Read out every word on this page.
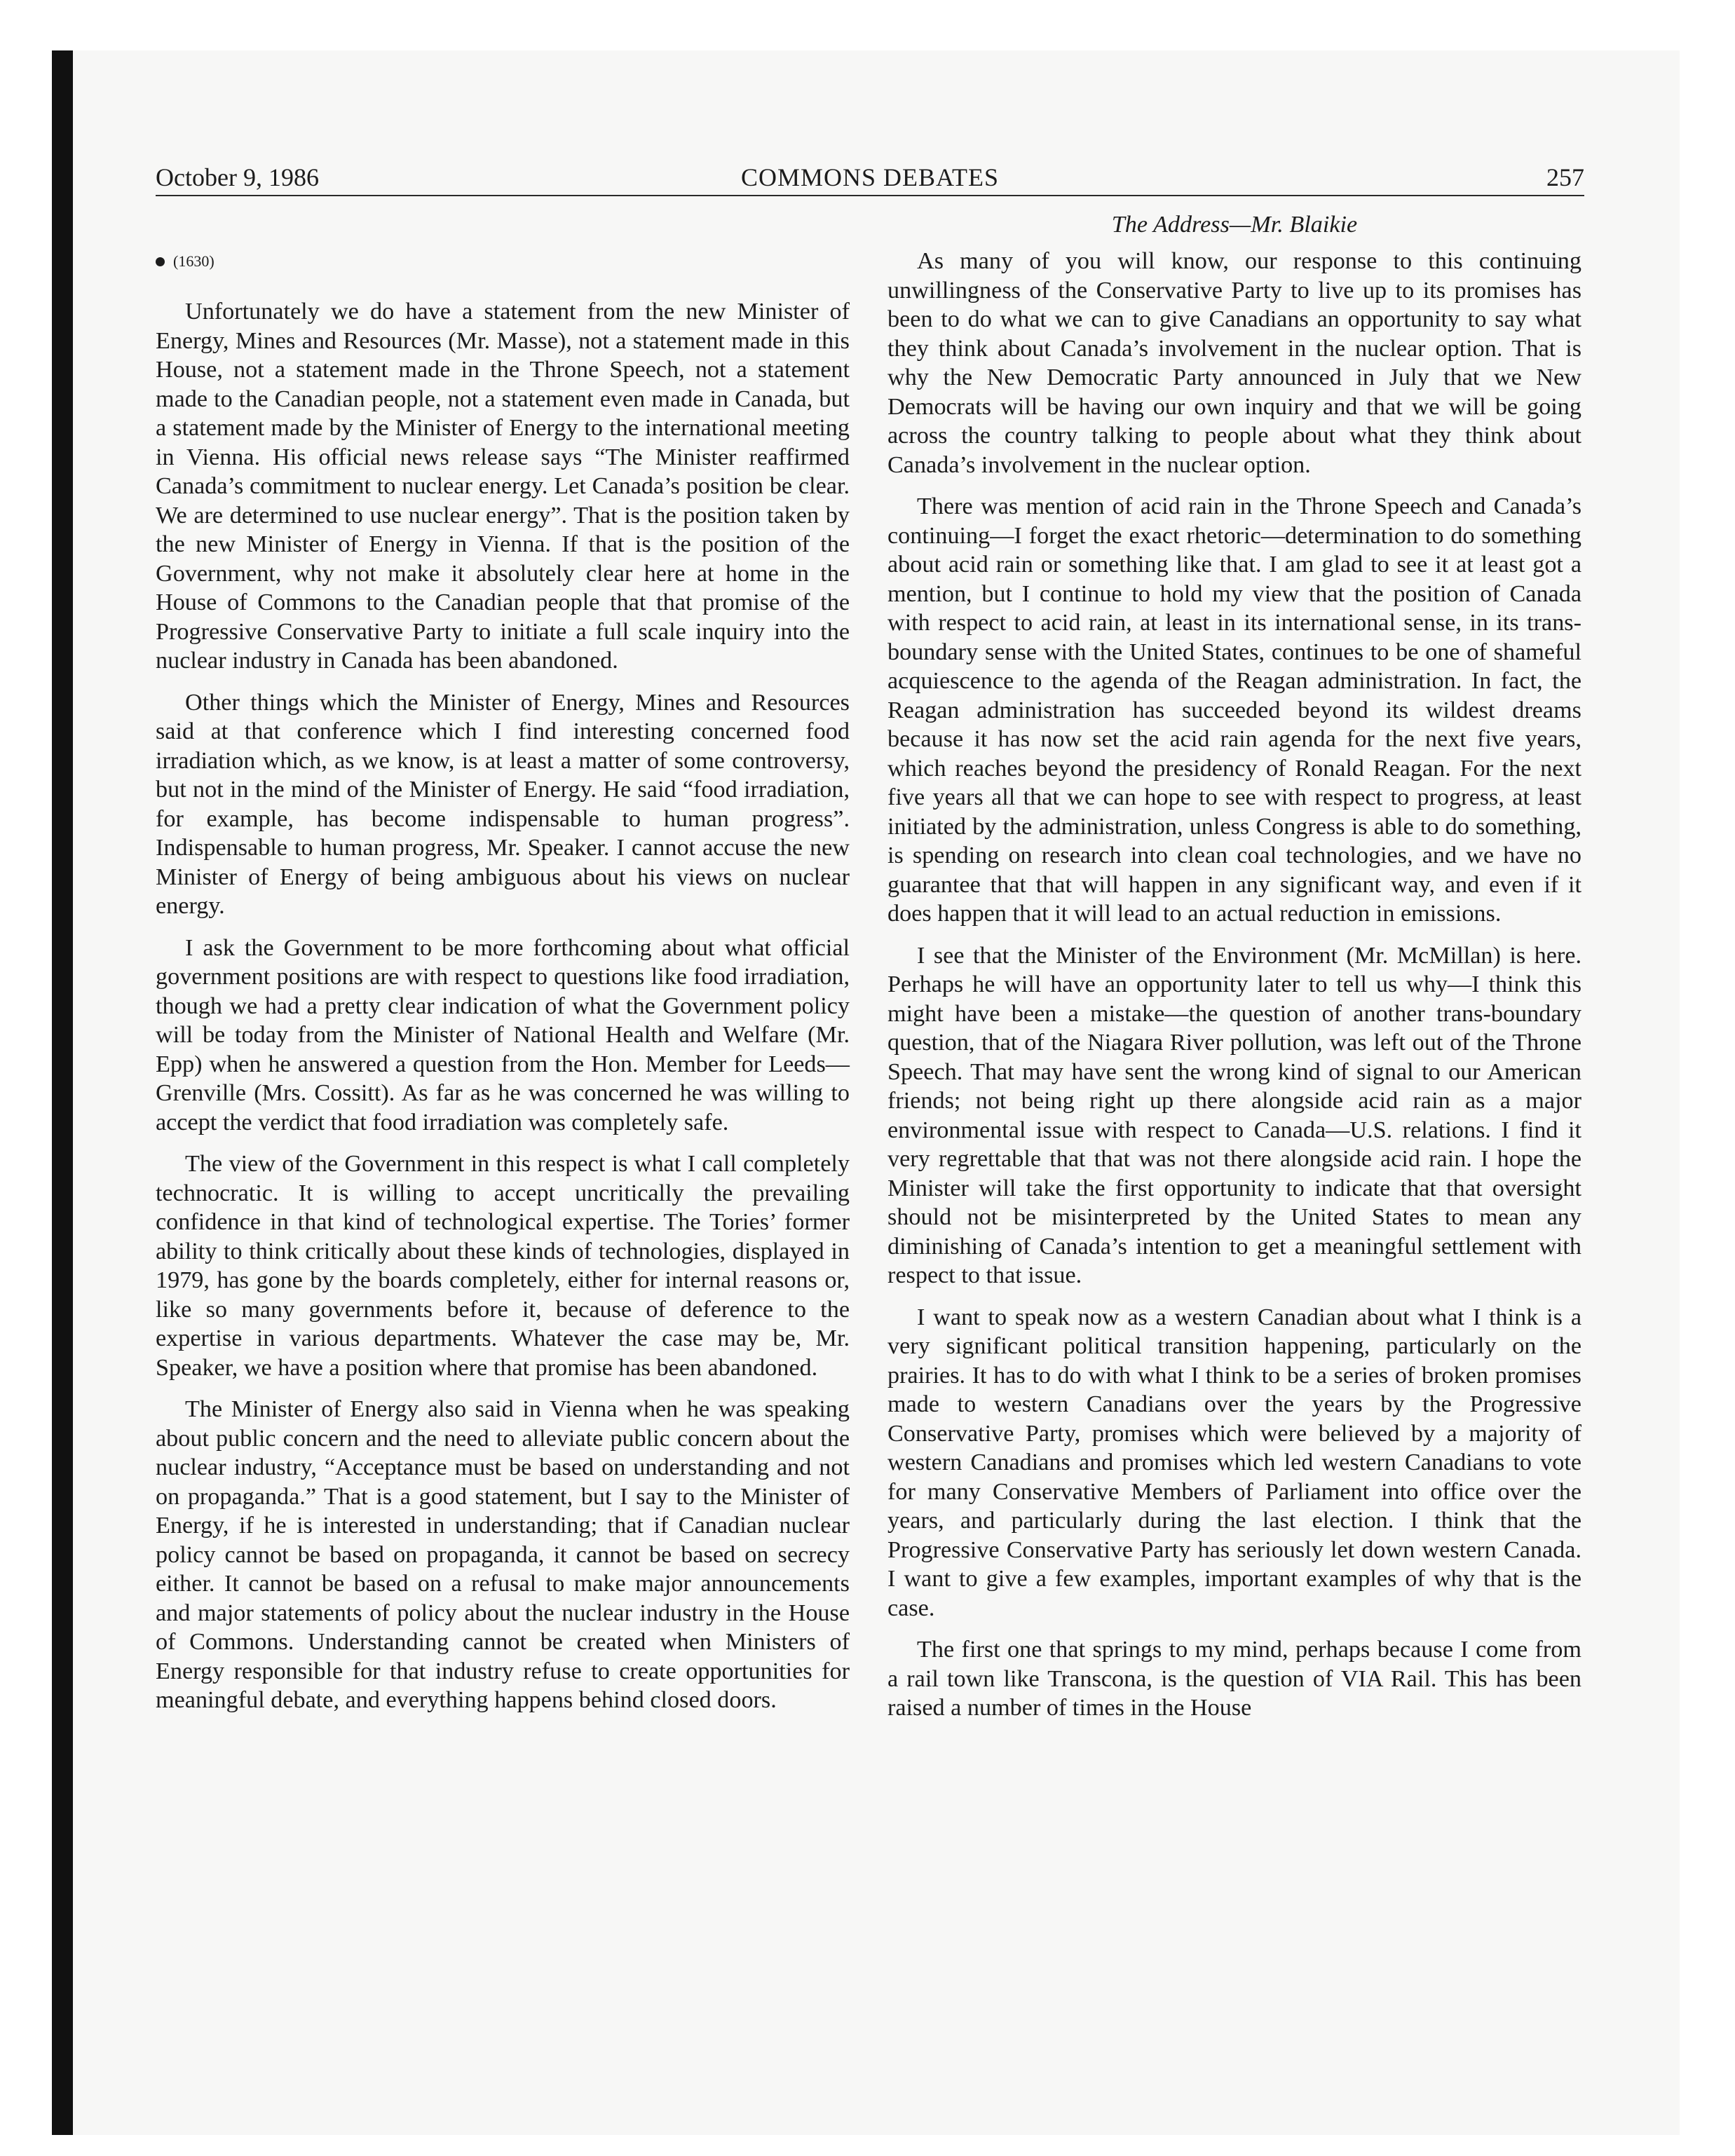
October 9, 1986	COMMONS DEBATES	257
(1630)

Unfortunately we do have a statement from the new Minister of Energy, Mines and Resources (Mr. Masse), not a statement made in this House, not a statement made in the Throne Speech, not a statement made to the Canadian people, not a statement even made in Canada, but a statement made by the Minister of Energy to the international meeting in Vienna. His official news release says “The Minister reaffirmed Canada’s commitment to nuclear energy. Let Canada’s position be clear. We are determined to use nuclear energy”. That is the position taken by the new Minister of Energy in Vienna. If that is the position of the Government, why not make it absolutely clear here at home in the House of Commons to the Canadian people that that promise of the Progressive Conservative Party to initiate a full scale inquiry into the nuclear industry in Canada has been abandoned.

Other things which the Minister of Energy, Mines and Resources said at that conference which I find interesting concerned food irradiation which, as we know, is at least a matter of some controversy, but not in the mind of the Minister of Energy. He said “food irradiation, for example, has become indispensable to human progress”. Indispensable to human progress, Mr. Speaker. I cannot accuse the new Minister of Energy of being ambiguous about his views on nuclear energy.

I ask the Government to be more forthcoming about what official government positions are with respect to questions like food irradiation, though we had a pretty clear indication of what the Government policy will be today from the Minister of National Health and Welfare (Mr. Epp) when he answered a question from the Hon. Member for Leeds—Grenville (Mrs. Cossitt). As far as he was concerned he was willing to accept the verdict that food irradiation was completely safe.

The view of the Government in this respect is what I call completely technocratic. It is willing to accept uncritically the prevailing confidence in that kind of technological expertise. The Tories’ former ability to think critically about these kinds of technologies, displayed in 1979, has gone by the boards completely, either for internal reasons or, like so many governments before it, because of deference to the expertise in various departments. Whatever the case may be, Mr. Speaker, we have a position where that promise has been abandoned.

The Minister of Energy also said in Vienna when he was speaking about public concern and the need to alleviate public concern about the nuclear industry, “Acceptance must be based on understanding and not on propaganda.” That is a good statement, but I say to the Minister of Energy, if he is interested in understanding; that if Canadian nuclear policy cannot be based on propaganda, it cannot be based on secrecy either. It cannot be based on a refusal to make major announcements and major statements of policy about the nuclear industry in the House of Commons. Understanding cannot be created when Ministers of Energy responsible for that industry refuse to create opportunities for meaningful debate, and everything happens behind closed doors.

The Address—Mr. Blaikie

As many of you will know, our response to this continuing unwillingness of the Conservative Party to live up to its promises has been to do what we can to give Canadians an opportunity to say what they think about Canada’s involvement in the nuclear option. That is why the New Democratic Party announced in July that we New Democrats will be having our own inquiry and that we will be going across the country talking to people about what they think about Canada’s involvement in the nuclear option.

There was mention of acid rain in the Throne Speech and Canada’s continuing—I forget the exact rhetoric—determination to do something about acid rain or something like that. I am glad to see it at least got a mention, but I continue to hold my view that the position of Canada with respect to acid rain, at least in its international sense, in its trans-boundary sense with the United States, continues to be one of shameful acquiescence to the agenda of the Reagan administration. In fact, the Reagan administration has succeeded beyond its wildest dreams because it has now set the acid rain agenda for the next five years, which reaches beyond the presidency of Ronald Reagan. For the next five years all that we can hope to see with respect to progress, at least initiated by the administration, unless Congress is able to do something, is spending on research into clean coal technologies, and we have no guarantee that that will happen in any significant way, and even if it does happen that it will lead to an actual reduction in emissions.

I see that the Minister of the Environment (Mr. McMillan) is here. Perhaps he will have an opportunity later to tell us why—I think this might have been a mistake—the question of another trans-boundary question, that of the Niagara River pollution, was left out of the Throne Speech. That may have sent the wrong kind of signal to our American friends; not being right up there alongside acid rain as a major environmental issue with respect to Canada—U.S. relations. I find it very regrettable that that was not there alongside acid rain. I hope the Minister will take the first opportunity to indicate that that oversight should not be misinterpreted by the United States to mean any diminishing of Canada’s intention to get a meaningful settlement with respect to that issue.

I want to speak now as a western Canadian about what I think is a very significant political transition happening, particularly on the prairies. It has to do with what I think to be a series of broken promises made to western Canadians over the years by the Progressive Conservative Party, promises which were believed by a majority of western Canadians and promises which led western Canadians to vote for many Conservative Members of Parliament into office over the years, and particularly during the last election. I think that the Progressive Conservative Party has seriously let down western Canada. I want to give a few examples, important examples of why that is the case.

The first one that springs to my mind, perhaps because I come from a rail town like Transcona, is the question of VIA Rail. This has been raised a number of times in the House
